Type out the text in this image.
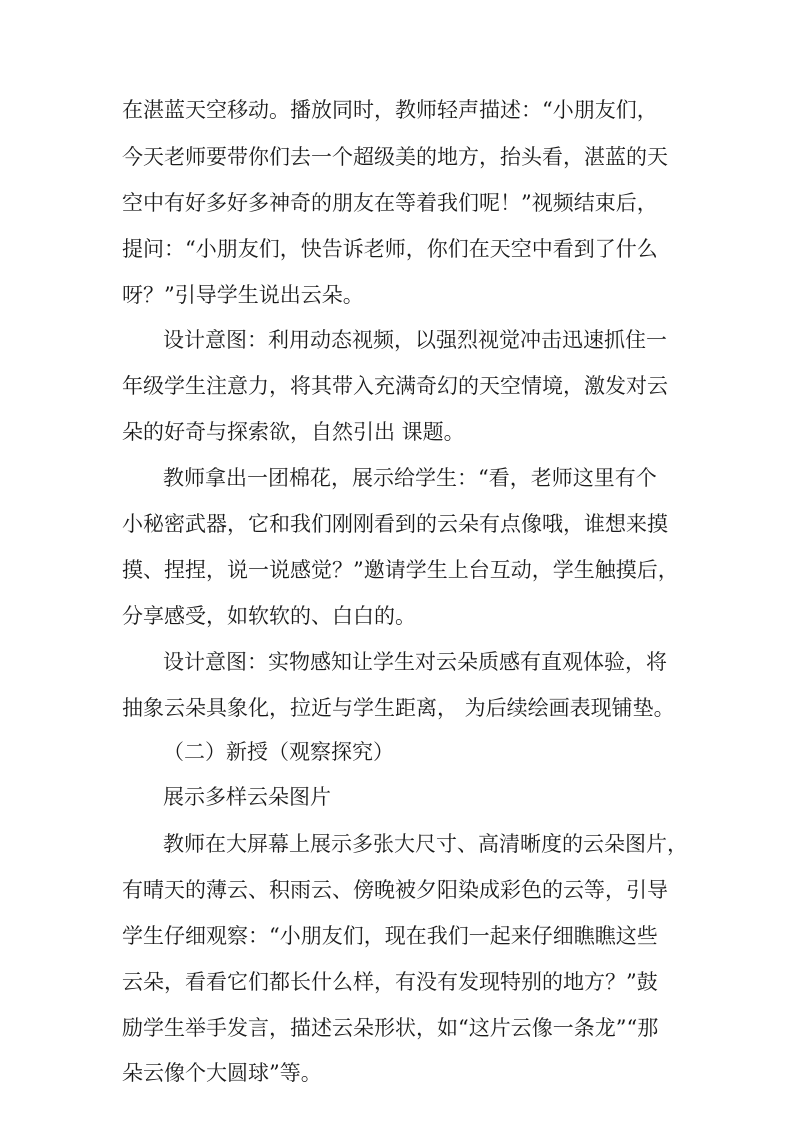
在湛蓝天空移动。播放同时，教师轻声描述：“小朋友们，
今天老师要带你们去一个超级美的地方，抬头看，湛蓝的天
空中有好多好多神奇的朋友在等着我们呢！”视频结束后，
提问：“小朋友们，快告诉老师，你们在天空中看到了什么
呀？”引导学生说出云朵。
设计意图：利用动态视频，以强烈视觉冲击迅速抓住一
年级学生注意力，将其带入充满奇幻的天空情境，激发对云
朵的好奇与探索欲，自然引出 课题。
教师拿出一团棉花，展示给学生：“看，老师这里有个
小秘密武器，它和我们刚刚看到的云朵有点像哦，谁想来摸
摸、捏捏，说一说感觉？”邀请学生上台互动，学生触摸后，
分享感受，如软软的、白白的。
设计意图：实物感知让学生对云朵质感有直观体验，将
抽象云朵具象化，拉近与学生距离， 为后续绘画表现铺垫。
（二）新授（观察探究）
展示多样云朵图片
教师在大屏幕上展示多张大尺寸、高清晰度的云朵图片，
有晴天的薄云、积雨云、傍晚被夕阳染成彩色的云等，引导
学生仔细观察：“小朋友们，现在我们一起来仔细瞧瞧这些
云朵，看看它们都长什么样，有没有发现特别的地方？”鼓
励学生举手发言，描述云朵形状，如“这片云像一条龙”“那
朵云像个大圆球”等。
